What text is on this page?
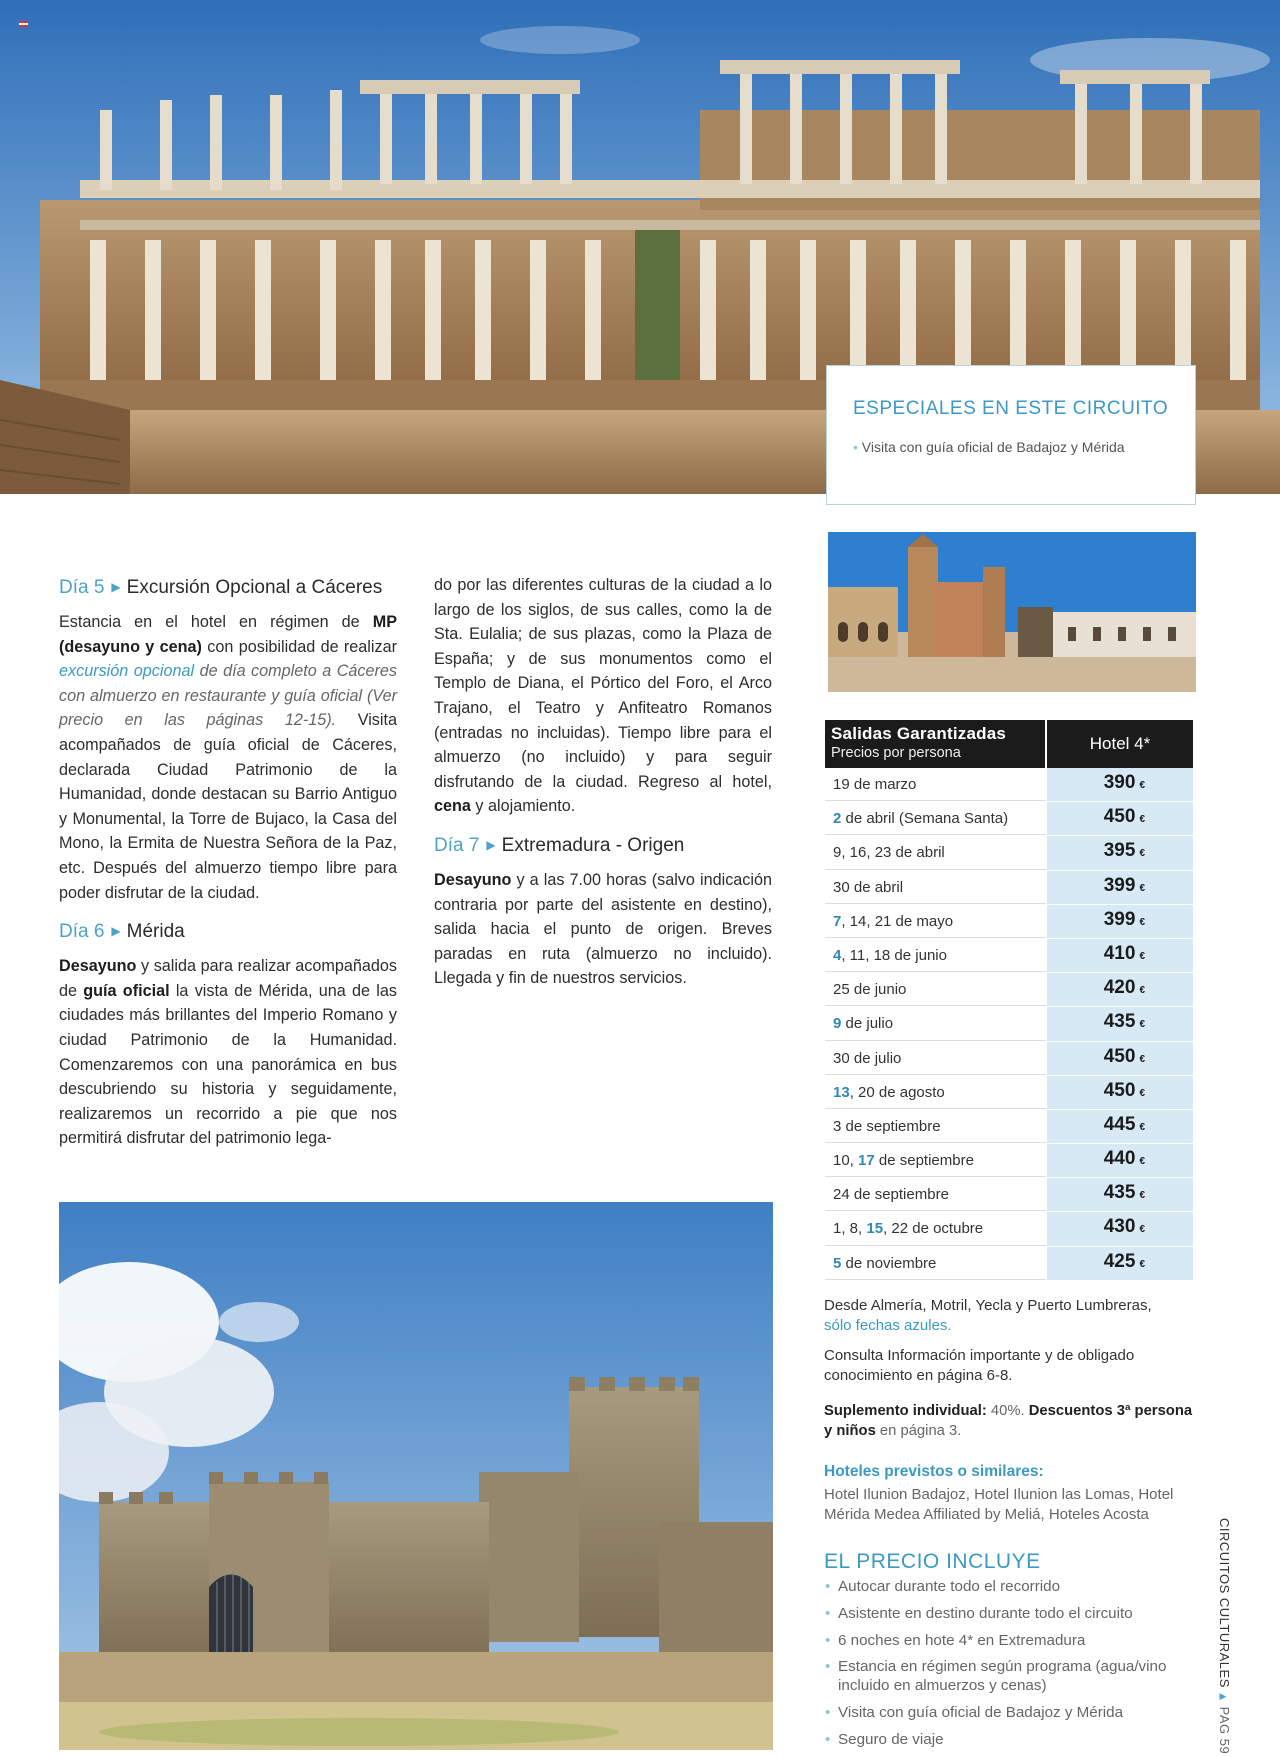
ESPECIALES EN ESTE CIRCUITO

• Visita con guía oficial de Badajoz y Mérida

Día 5 ▶ Excursión Opcional a Cáceres

Estancia en el hotel en régimen de MP (desayuno y cena) con posibilidad de realizar excursión opcional de día completo a Cáceres con almuerzo en restaurante y guía oficial (Ver precio en las páginas 12-15). Visita acompañados de guía oficial de Cáceres, declarada Ciudad Patrimonio de la Humanidad, donde destacan su Barrio Antiguo y Monumental, la Torre de Bujaco, la Casa del Mono, la Ermita de Nuestra Señora de la Paz, etc. Después del almuerzo tiempo libre para poder disfrutar de la ciudad.

Día 6 ▶ Mérida

Desayuno y salida para realizar acompañados de guía oficial la vista de Mérida, una de las ciudades más brillantes del Imperio Romano y ciudad Patrimonio de la Humanidad. Comenzaremos con una panorámica en bus descubriendo su historia y seguidamente, realizaremos un recorrido a pie que nos permitirá disfrutar del patrimonio lega-

do por las diferentes culturas de la ciudad a lo largo de los siglos, de sus calles, como la de Sta. Eulalia; de sus plazas, como la Plaza de España; y de sus monumentos como el Templo de Diana, el Pórtico del Foro, el Arco Trajano, el Teatro y Anfiteatro Romanos (entradas no incluidas). Tiempo libre para el almuerzo (no incluido) y para seguir disfrutando de la ciudad. Regreso al hotel, cena y alojamiento.

Día 7 ▶ Extremadura - Origen

Desayuno y a las 7.00 horas (salvo indicación contraria por parte del asistente en destino), salida hacia el punto de origen. Breves paradas en ruta (almuerzo no incluido). Llegada y fin de nuestros servicios.

Salidas Garantizadas
Precios por persona	Hotel 4*
19 de marzo	390 €
2 de abril (Semana Santa)	450 €
9, 16, 23 de abril	395 €
30 de abril	399 €
7, 14, 21 de mayo	399 €
4, 11, 18 de junio	410 €
25 de junio	420 €
9 de julio	435 €
30 de julio	450 €
13, 20 de agosto	450 €
3 de septiembre	445 €
10, 17 de septiembre	440 €
24 de septiembre	435 €
1, 8, 15, 22 de octubre	430 €
5 de noviembre	425 €
Desde Almería, Motril, Yecla y Puerto Lumbreras,
sólo fechas azules.
Consulta Información importante y de obligado conocimiento en página 6-8.
Suplemento individual: 40%. Descuentos 3ª persona y niños en página 3.
Hoteles previstos o similares:
Hotel Ilunion Badajoz, Hotel Ilunion las Lomas, Hotel Mérida Medea Affiliated by Meliá, Hoteles Acosta
EL PRECIO INCLUYE
• Autocar durante todo el recorrido
• Asistente en destino durante todo el circuito
• 6 noches en hote 4* en Extremadura
• Estancia en régimen según programa (agua/vino incluido en almuerzos y cenas)
• Visita con guía oficial de Badajoz y Mérida
• Seguro de viaje
CIRCUITOS CULTURALES ▶ PAG 59
